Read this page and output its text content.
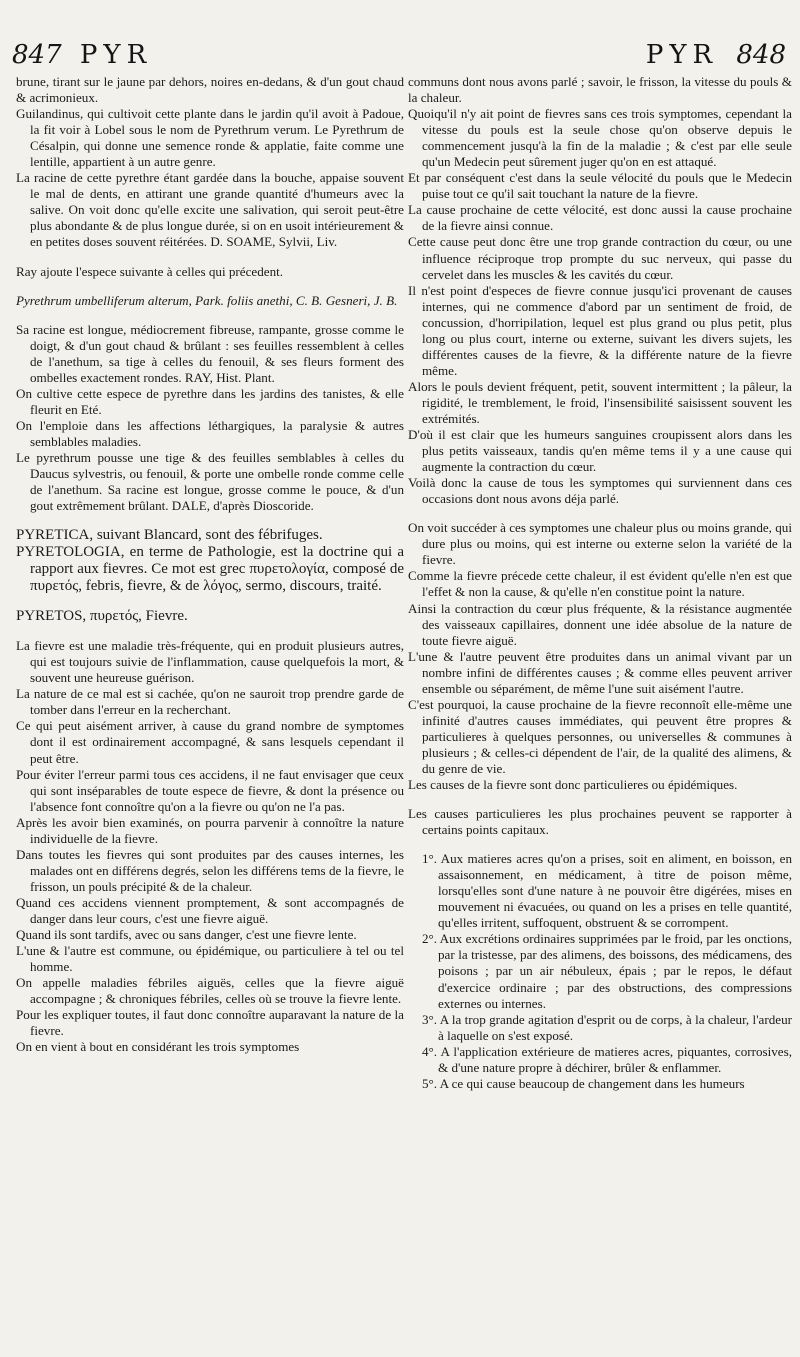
847 PYR	PYR 848

brune, tirant sur le jaune par dehors, noires en-dedans, & d'un gout chaud & acrimonieux.

Guilandinus, qui cultivoit cette plante dans le jardin qu'il avoit à Padoue, la fit voir à Lobel sous le nom de Pyrethrum verum. Le Pyrethrum de Césalpin, qui donne une semence ronde & applatie, faite comme une lentille, appartient à un autre genre.

La racine de cette pyrethre étant gardée dans la bouche, appaise souvent le mal de dents, en attirant une grande quantité d'humeurs avec la salive. On voit donc qu'elle excite une salivation, qui seroit peut-être plus abondante & de plus longue durée, si on en usoit intérieurement & en petites doses souvent réitérées. D. SOAME, Sylvii, Liv.

Ray ajoute l'espece suivante à celles qui précedent.

Pyrethrum umbelliferum alterum, Park. foliis anethi, C. B. Gesneri, J. B.

Sa racine est longue, médiocrement fibreuse, rampante, grosse comme le doigt, & d'un gout chaud & brûlant : ses feuilles ressemblent à celles de l'anethum, sa tige à celles du fenouil, & ses fleurs forment des ombelles exactement rondes. RAY, Hist. Plant.

On cultive cette espece de pyrethre dans les jardins des tanistes, & elle fleurit en Eté.

On l'emploie dans les affections léthargiques, la paralysie & autres semblables maladies.

Le pyrethrum pousse une tige & des feuilles semblables à celles du Daucus sylvestris, ou fenouil, & porte une ombelle ronde comme celle de l'anethum. Sa racine est longue, grosse comme le pouce, & d'un gout extrêmement brûlant. DALE, d'après Dioscoride.

PYRETICA, suivant Blancard, sont des fébrifuges.

PYRETOLOGIA, en terme de Pathologie, est la doctrine qui a rapport aux fievres. Ce mot est grec πυρετολογία, composé de πυρετός, febris, fievre, & de λόγος, sermo, discours, traité.

PYRETOS, πυρετός, Fievre.

La fievre est une maladie très-fréquente, qui en produit plusieurs autres, qui est toujours suivie de l'inflammation, cause quelquefois la mort, & souvent une heureuse guérison.

La nature de ce mal est si cachée, qu'on ne sauroit trop prendre garde de tomber dans l'erreur en la recherchant.

Ce qui peut aisément arriver, à cause du grand nombre de symptomes dont il est ordinairement accompagné, & sans lesquels cependant il peut être.

Pour éviter l'erreur parmi tous ces accidens, il ne faut envisager que ceux qui sont inséparables de toute espece de fievre, & dont la présence ou l'absence font connoître qu'on a la fievre ou qu'on ne l'a pas.

Après les avoir bien examinés, on pourra parvenir à connoître la nature individuelle de la fievre.

Dans toutes les fievres qui sont produites par des causes internes, les malades ont en différens degrés, selon les différens tems de la fievre, le frisson, un pouls précipité & de la chaleur.

Quand ces accidens viennent promptement, & sont accompagnés de danger dans leur cours, c'est une fievre aiguë.

Quand ils sont tardifs, avec ou sans danger, c'est une fievre lente.

L'une & l'autre est commune, ou épidémique, ou particuliere à tel ou tel homme.

On appelle maladies fébriles aiguës, celles que la fievre aiguë accompagne ; & chroniques fébriles, celles où se trouve la fievre lente.

Pour les expliquer toutes, il faut donc connoître auparavant la nature de la fievre.

On en vient à bout en considérant les trois symptomes

communs dont nous avons parlé ; savoir, le frisson, la vitesse du pouls & la chaleur.

Quoiqu'il n'y ait point de fievres sans ces trois symptomes, cependant la vitesse du pouls est la seule chose qu'on observe depuis le commencement jusqu'à la fin de la maladie ; & c'est par elle seule qu'un Medecin peut sûrement juger qu'on en est attaqué.

Et par conséquent c'est dans la seule vélocité du pouls que le Medecin puise tout ce qu'il sait touchant la nature de la fievre.

La cause prochaine de cette vélocité, est donc aussi la cause prochaine de la fievre ainsi connue.

Cette cause peut donc être une trop grande contraction du cœur, ou une influence réciproque trop prompte du suc nerveux, qui passe du cervelet dans les muscles & les cavités du cœur.

Il n'est point d'especes de fievre connue jusqu'ici provenant de causes internes, qui ne commence d'abord par un sentiment de froid, de concussion, d'horripilation, lequel est plus grand ou plus petit, plus long ou plus court, interne ou externe, suivant les divers sujets, les différentes causes de la fievre, & la différente nature de la fievre même.

Alors le pouls devient fréquent, petit, souvent intermittent ; la pâleur, la rigidité, le tremblement, le froid, l'insensibilité saisissent souvent les extrémités.

D'où il est clair que les humeurs sanguines croupissent alors dans les plus petits vaisseaux, tandis qu'en même tems il y a une cause qui augmente la contraction du cœur.

Voilà donc la cause de tous les symptomes qui surviennent dans ces occasions dont nous avons déja parlé.

On voit succéder à ces symptomes une chaleur plus ou moins grande, qui dure plus ou moins, qui est interne ou externe selon la variété de la fievre.

Comme la fievre précede cette chaleur, il est évident qu'elle n'en est que l'effet & non la cause, & qu'elle n'en constitue point la nature.

Ainsi la contraction du cœur plus fréquente, & la résistance augmentée des vaisseaux capillaires, donnent une idée absolue de la nature de toute fievre aiguë.

L'une & l'autre peuvent être produites dans un animal vivant par un nombre infini de différentes causes ; & comme elles peuvent arriver ensemble ou séparément, de même l'une suit aisément l'autre.

C'est pourquoi, la cause prochaine de la fievre reconnoît elle-même une infinité d'autres causes immédiates, qui peuvent être propres & particulieres à quelques personnes, ou universelles & communes à plusieurs ; & celles-ci dépendent de l'air, de la qualité des alimens, & du genre de vie.

Les causes de la fievre sont donc particulieres ou épidémiques.

Les causes particulieres les plus prochaines peuvent se rapporter à certains points capitaux.

1°. Aux matieres acres qu'on a prises, soit en aliment, en boisson, en assaisonnement, en médicament, à titre de poison même, lorsqu'elles sont d'une nature à ne pouvoir être digérées, mises en mouvement ni évacuées, ou quand on les a prises en telle quantité, qu'elles irritent, suffoquent, obstruent & se corrompent.

2°. Aux excrétions ordinaires supprimées par le froid, par les onctions, par la tristesse, par des alimens, des boissons, des médicamens, des poisons ; par un air nébuleux, épais ; par le repos, le défaut d'exercice ordinaire ; par des obstructions, des compressions externes ou internes.

3°. A la trop grande agitation d'esprit ou de corps, à la chaleur, l'ardeur à laquelle on s'est exposé.

4°. A l'application extérieure de matieres acres, piquantes, corrosives, & d'une nature propre à déchirer, brûler & enflammer.

5°. A ce qui cause beaucoup de changement dans les humeurs
